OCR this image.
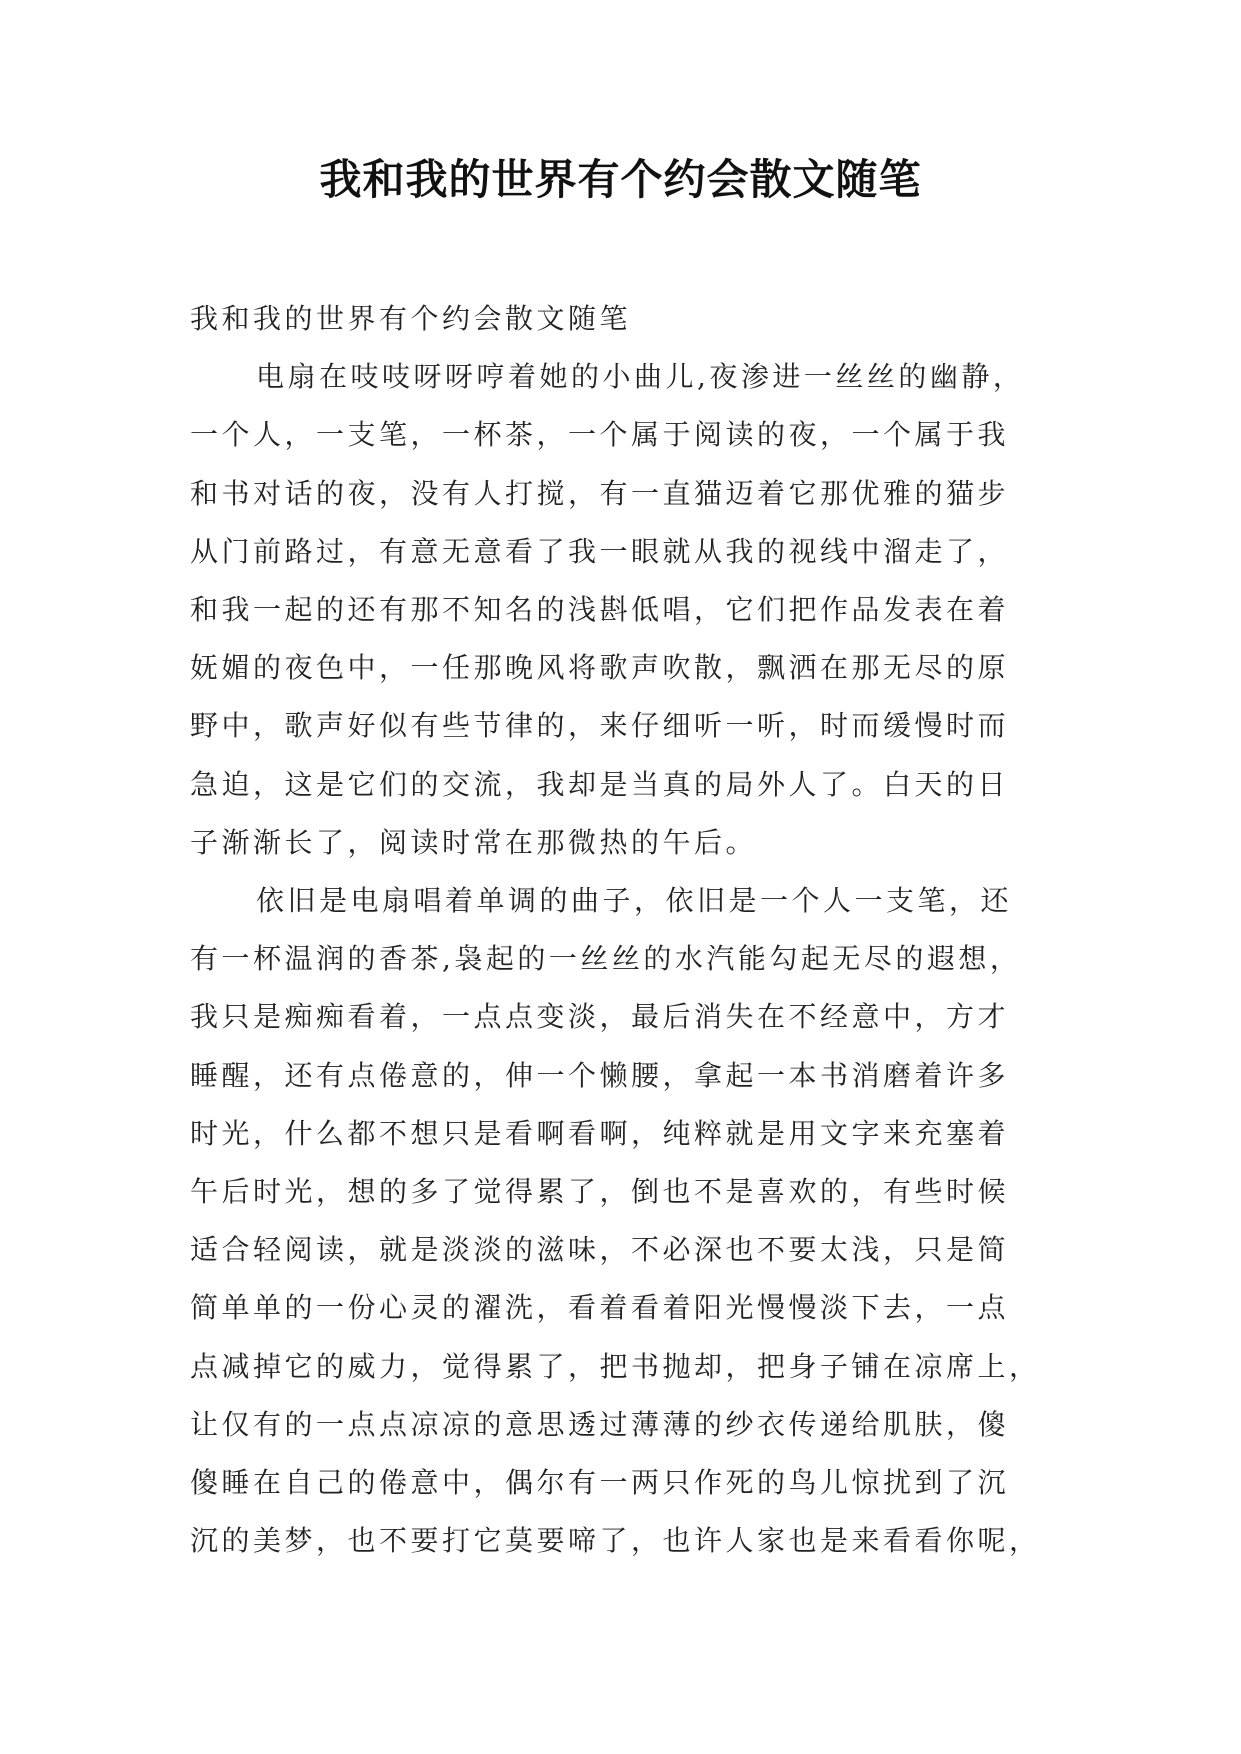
我和我的世界有个约会散文随笔

我和我的世界有个约会散文随笔

电扇在吱吱呀呀哼着她的小曲儿,夜渗进一丝丝的幽静，
一个人，一支笔，一杯茶，一个属于阅读的夜，一个属于我
和书对话的夜，没有人打搅，有一直猫迈着它那优雅的猫步
从门前路过，有意无意看了我一眼就从我的视线中溜走了，
和我一起的还有那不知名的浅斟低唱，它们把作品发表在着
妩媚的夜色中，一任那晚风将歌声吹散，飘洒在那无尽的原
野中，歌声好似有些节律的，来仔细听一听，时而缓慢时而
急迫，这是它们的交流，我却是当真的局外人了。白天的日
子渐渐长了，阅读时常在那微热的午后。

依旧是电扇唱着单调的曲子，依旧是一个人一支笔，还
有一杯温润的香茶,袅起的一丝丝的水汽能勾起无尽的遐想，
我只是痴痴看着，一点点变淡，最后消失在不经意中，方才
睡醒，还有点倦意的，伸一个懒腰，拿起一本书消磨着许多
时光，什么都不想只是看啊看啊，纯粹就是用文字来充塞着
午后时光，想的多了觉得累了，倒也不是喜欢的，有些时候
适合轻阅读，就是淡淡的滋味，不必深也不要太浅，只是简
简单单的一份心灵的濯洗，看着看着阳光慢慢淡下去，一点
点减掉它的威力，觉得累了，把书抛却，把身子铺在凉席上，
让仅有的一点点凉凉的意思透过薄薄的纱衣传递给肌肤，傻
傻睡在自己的倦意中，偶尔有一两只作死的鸟儿惊扰到了沉
沉的美梦，也不要打它莫要啼了，也许人家也是来看看你呢，
